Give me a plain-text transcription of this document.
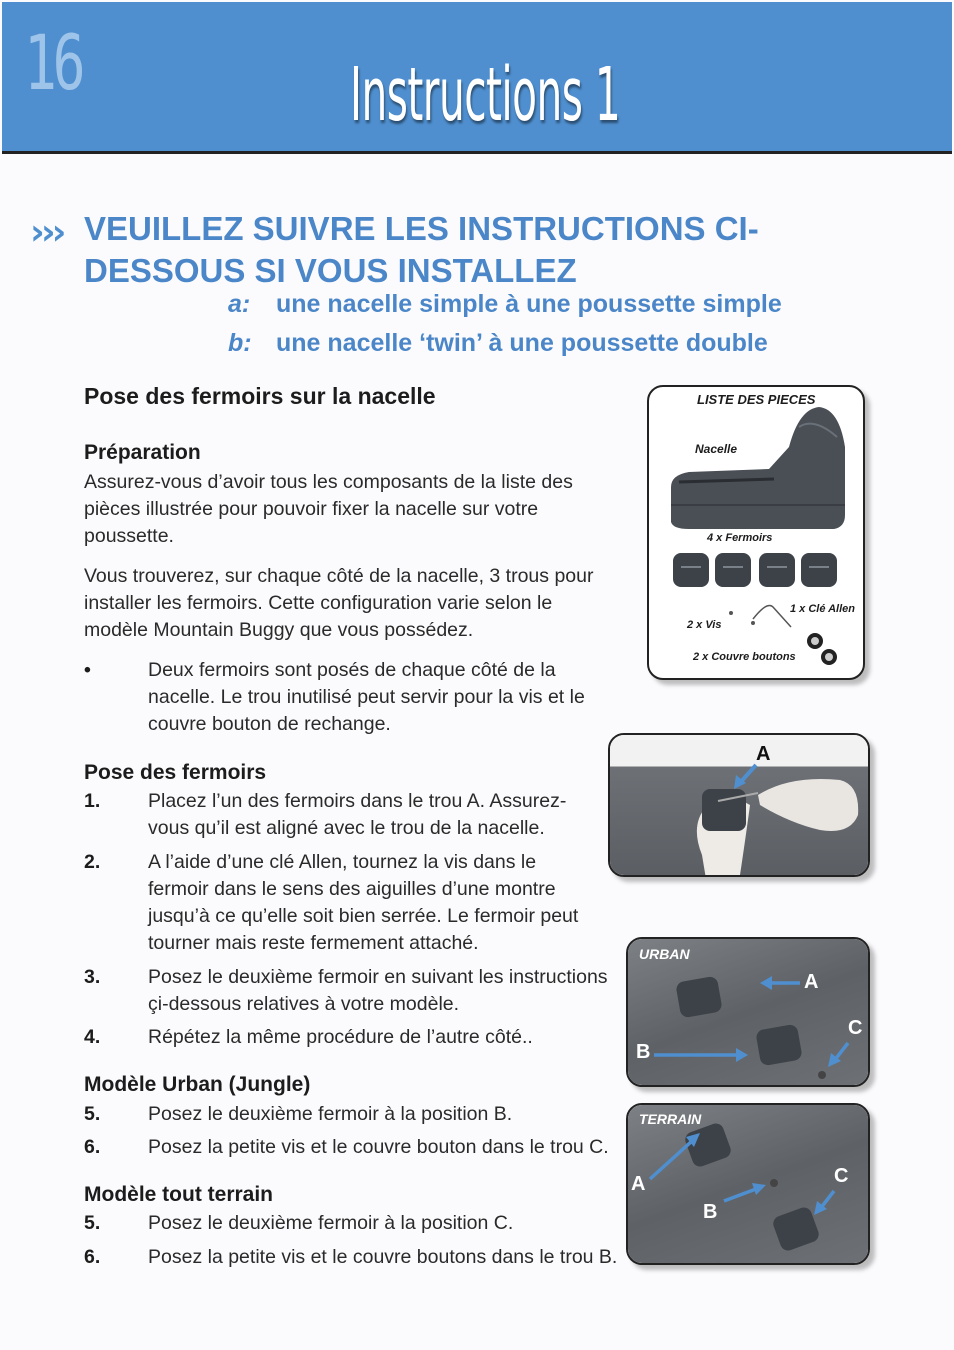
16	Instructions 1
››› VEUILLEZ SUIVRE LES INSTRUCTIONS CI-DESSOUS SI VOUS INSTALLEZ
a: une nacelle simple à une poussette simple
b: une nacelle ‘twin’ à une poussette double
Pose des fermoirs sur la nacelle
Préparation
Assurez-vous d’avoir tous les composants de la liste des pièces illustrée pour pouvoir fixer la nacelle sur votre poussette.
Vous trouverez, sur chaque côté de la nacelle, 3 trous pour installer les fermoirs. Cette configuration varie selon le modèle Mountain Buggy que vous possédez.
•	Deux fermoirs sont posés de chaque côté de la nacelle. Le trou inutilisé peut servir pour la vis et le couvre bouton de rechange.
Pose des fermoirs
1. Placez l’un des fermoirs dans le trou A. Assurez-vous qu’il est aligné avec le trou de la nacelle.
2. A l’aide d’une clé Allen, tournez la vis dans le fermoir dans le sens des aiguilles d’une montre jusqu’à ce qu’elle soit bien serrée. Le fermoir peut tourner mais reste fermement attaché.
3. Posez le deuxième fermoir en suivant les instructions çi-dessous relatives à votre modèle.
4. Répétez la même procédure de l’autre côté..
Modèle Urban (Jungle)
5. Posez le deuxième fermoir à la position B.
6. Posez la petite vis et le couvre bouton dans le trou C.
Modèle tout terrain
5. Posez le deuxième fermoir à la position C.
6. Posez la petite vis et le couvre boutons dans le trou B.
LISTE DES PIECES
Nacelle
4 x Fermoirs
1 x Clé Allen
2 x Vis
2 x Couvre boutons
A
URBAN
A
B
C
TERRAIN
A
B
C
